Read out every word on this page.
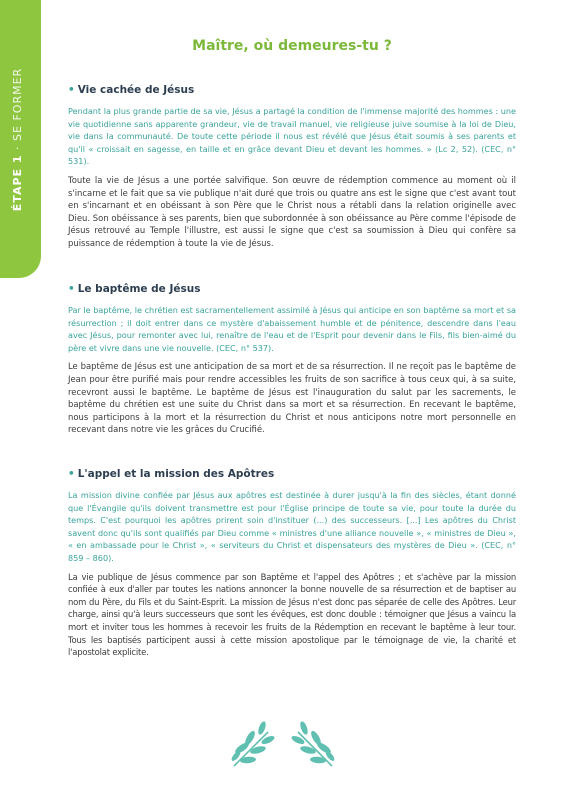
ÉTAPE 1 · SE FORMER
Maître, où demeures-tu ?
• Vie cachée de Jésus

Pendant la plus grande partie de sa vie, Jésus a partagé la condition de l'immense majorité des hommes : une vie quotidienne sans apparente grandeur, vie de travail manuel, vie religieuse juive soumise à la loi de Dieu, vie dans la communauté. De toute cette période il nous est révélé que Jésus était soumis à ses parents et qu'il « croissait en sagesse, en taille et en grâce devant Dieu et devant les hommes. » (Lc 2, 52). (CEC, n° 531).

Toute la vie de Jésus a une portée salvifique. Son œuvre de rédemption commence au moment où il s'incarne et le fait que sa vie publique n'ait duré que trois ou quatre ans est le signe que c'est avant tout en s'incarnant et en obéissant à son Père que le Christ nous a rétabli dans la relation originelle avec Dieu. Son obéissance à ses parents, bien que subordonnée à son obéissance au Père comme l'épisode de Jésus retrouvé au Temple l'illustre, est aussi le signe que c'est sa soumission à Dieu qui confère sa puissance de rédemption à toute la vie de Jésus.

• Le baptême de Jésus

Par le baptême, le chrétien est sacramentellement assimilé à Jésus qui anticipe en son baptême sa mort et sa résurrection ; il doit entrer dans ce mystère d'abaissement humble et de pénitence, descendre dans l'eau avec Jésus, pour remonter avec lui, renaître de l'eau et de l'Esprit pour devenir dans le Fils, fils bien-aimé du père et vivre dans une vie nouvelle. (CEC, n° 537).

Le baptême de Jésus est une anticipation de sa mort et de sa résurrection. Il ne reçoit pas le baptême de Jean pour être purifié mais pour rendre accessibles les fruits de son sacrifice à tous ceux qui, à sa suite, recevront aussi le baptême. Le baptême de Jésus est l'inauguration du salut par les sacrements, le baptême du chrétien est une suite du Christ dans sa mort et sa résurrection. En recevant le baptême, nous participons à la mort et la résurrection du Christ et nous anticipons notre mort personnelle en recevant dans notre vie les grâces du Crucifié.

• L'appel et la mission des Apôtres

La mission divine confiée par Jésus aux apôtres est destinée à durer jusqu'à la fin des siècles, étant donné que l'Évangile qu'ils doivent transmettre est pour l'Église principe de toute sa vie, pour toute la durée du temps. C'est pourquoi les apôtres prirent soin d'instituer (...) des successeurs. [...] Les apôtres du Christ savent donc qu'ils sont qualifiés par Dieu comme « ministres d'une alliance nouvelle », « ministres de Dieu », « en ambassade pour le Christ », « serviteurs du Christ et dispensateurs des mystères de Dieu ». (CEC, n° 859 – 860).

La vie publique de Jésus commence par son Baptême et l'appel des Apôtres ; et s'achève par la mission confiée à eux d'aller par toutes les nations annoncer la bonne nouvelle de sa résurrection et de baptiser au nom du Père, du Fils et du Saint-Esprit. La mission de Jésus n'est donc pas séparée de celle des Apôtres. Leur charge, ainsi qu'à leurs successeurs que sont les évêques, est donc double : témoigner que Jésus a vaincu la mort et inviter tous les hommes à recevoir les fruits de la Rédemption en recevant le baptême à leur tour. Tous les baptisés participent aussi à cette mission apostolique par le témoignage de vie, la charité et l'apostolat explicite.
